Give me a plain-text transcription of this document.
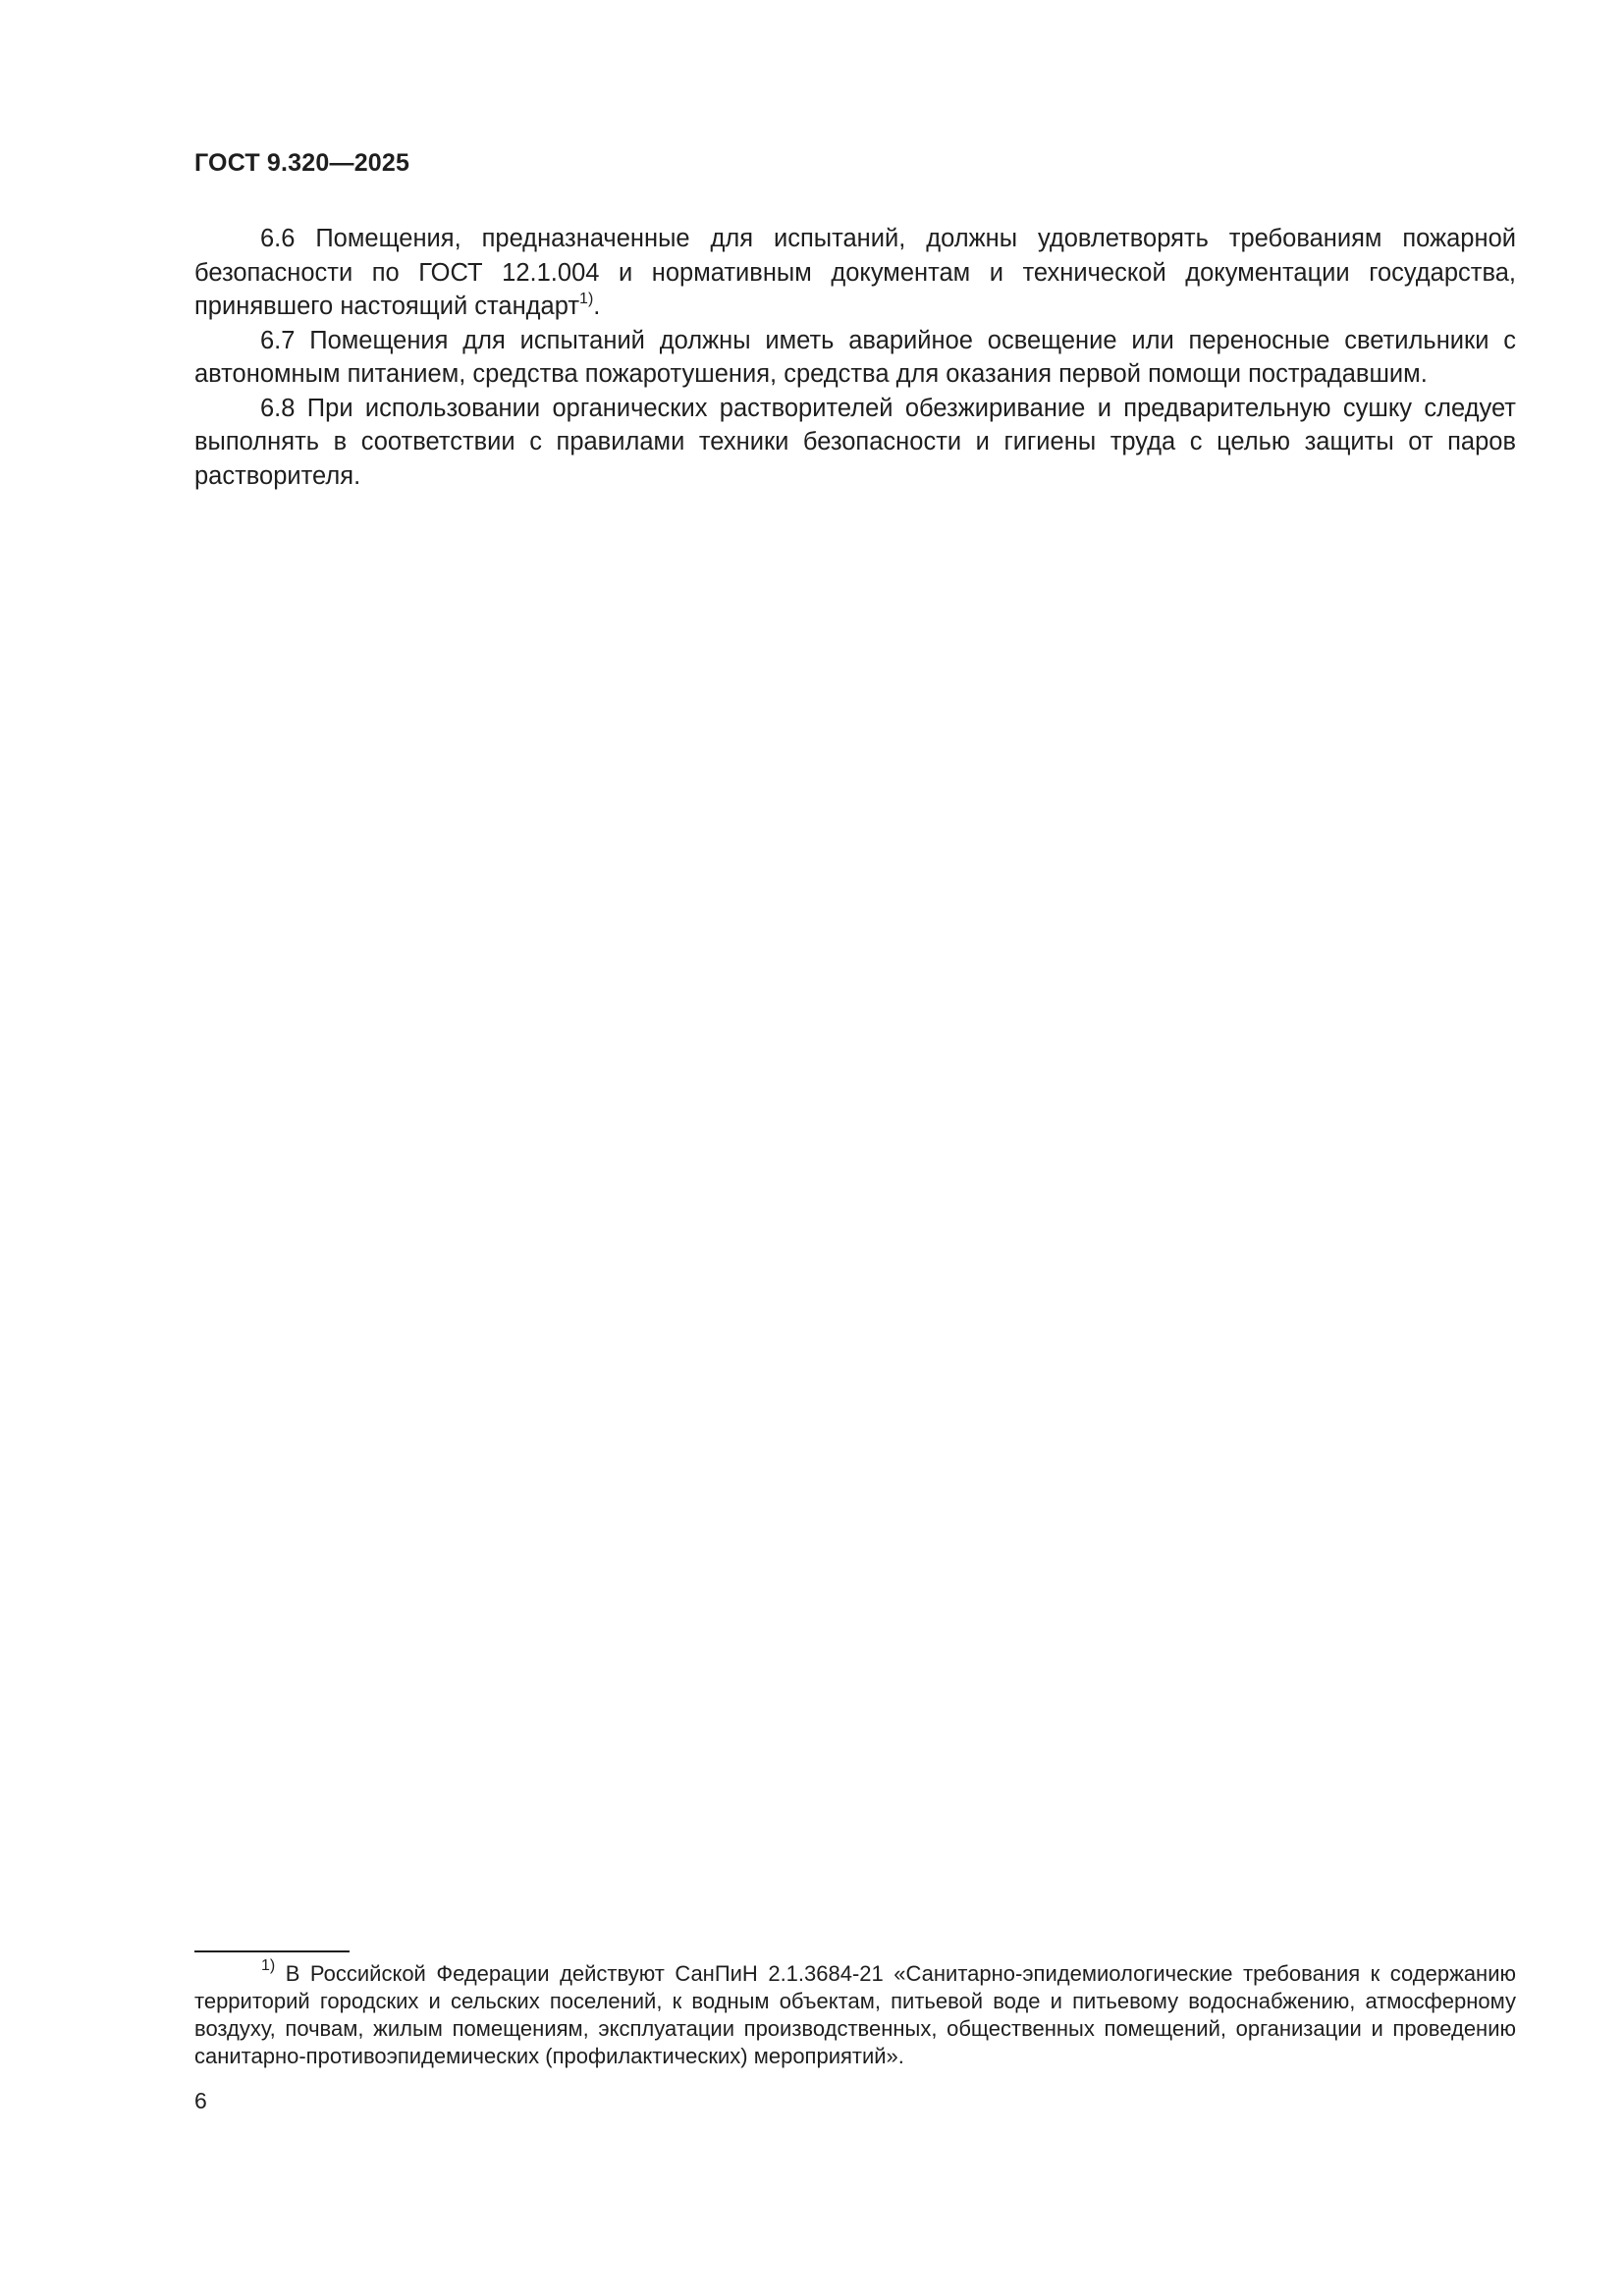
ГОСТ 9.320—2025

6.6 Помещения, предназначенные для испытаний, должны удовлетворять требованиям пожарной безопасности по ГОСТ 12.1.004 и нормативным документам и технической документации государства, принявшего настоящий стандарт$^{1)}$.

6.7 Помещения для испытаний должны иметь аварийное освещение или переносные светильники с автономным питанием, средства пожаротушения, средства для оказания первой помощи пострадавшим.

6.8 При использовании органических растворителей обезжиривание и предварительную сушку следует выполнять в соответствии с правилами техники безопасности и гигиены труда с целью защиты от паров растворителя.

$^{1)}$ В Российской Федерации действуют СанПиН 2.1.3684-21 «Санитарно-эпидемиологические требования к содержанию территорий городских и сельских поселений, к водным объектам, питьевой воде и питьевому водоснабжению, атмосферному воздуху, почвам, жилым помещениям, эксплуатации производственных, общественных помещений, организации и проведению санитарно-противоэпидемических (профилактических) мероприятий».

6
